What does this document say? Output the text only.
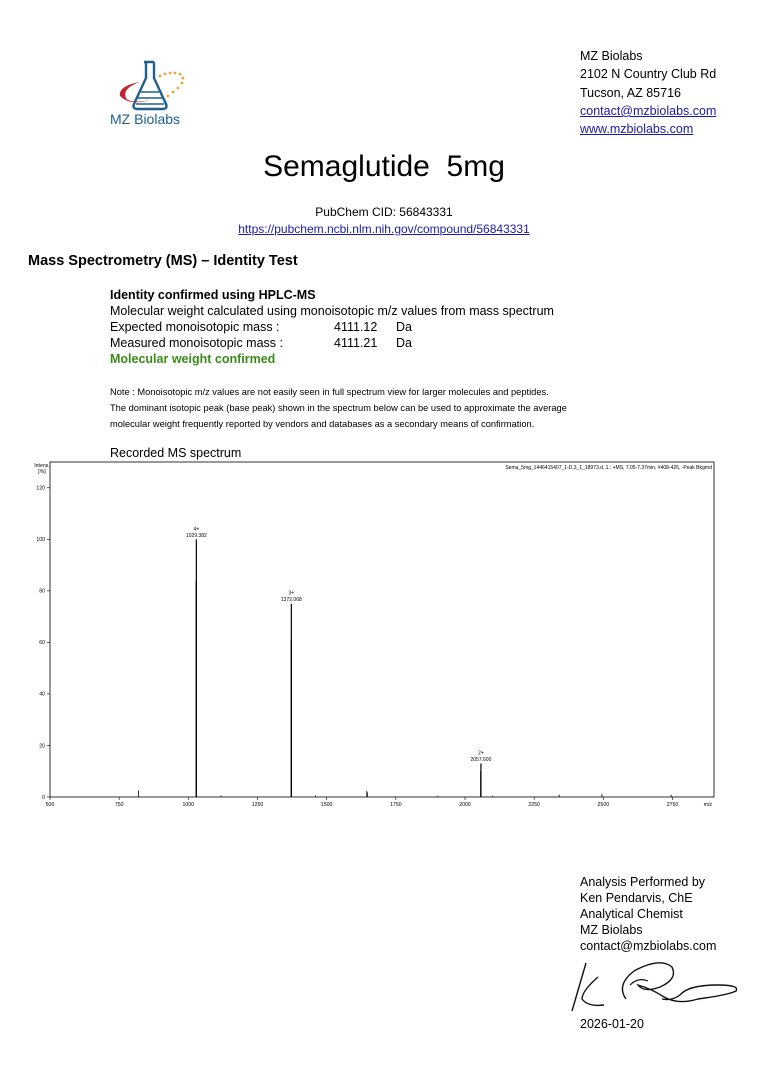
MZ Biolabs
MZ Biolabs
2102 N Country Club Rd
Tucson, AZ 85716
contact@mzbiolabs.com
www.mzbiolabs.com
Semaglutide  5mg
PubChem CID: 56843331
https://pubchem.ncbi.nlm.nih.gov/compound/56843331
Mass Spectrometry (MS) – Identity Test
Identity confirmed using HPLC-MS
Molecular weight calculated using monoisotopic m/z values from mass spectrum
Expected monoisotopic mass :	4111.12 Da
Measured monoisotopic mass :	4111.21 Da
Molecular weight confirmed
Note : Monoisotopic m/z values are not easily seen in full spectrum view for larger molecules and peptides.
The dominant isotopic peak (base peak) shown in the spectrum below can be used to approximate the average
molecular weight frequently reported by vendors and databases as a secondary means of confirmation.
Recorded MS spectrum
Sema_5mg_1446415407_1-D,3_1_18973.d, 1.: +MS, 7.05-7.37min, #408-426, -Peak Bkgrnd
Intens.
[%]
0
20
40
60
80
100
120
500	750	1000	1250	1500	1750	2000	2250	2500	2750	m/z
4+
1029.382
3+
1372.068
2+
2057.600
Analysis Performed by
Ken Pendarvis, ChE
Analytical Chemist
MZ Biolabs
contact@mzbiolabs.com
2026-01-20
